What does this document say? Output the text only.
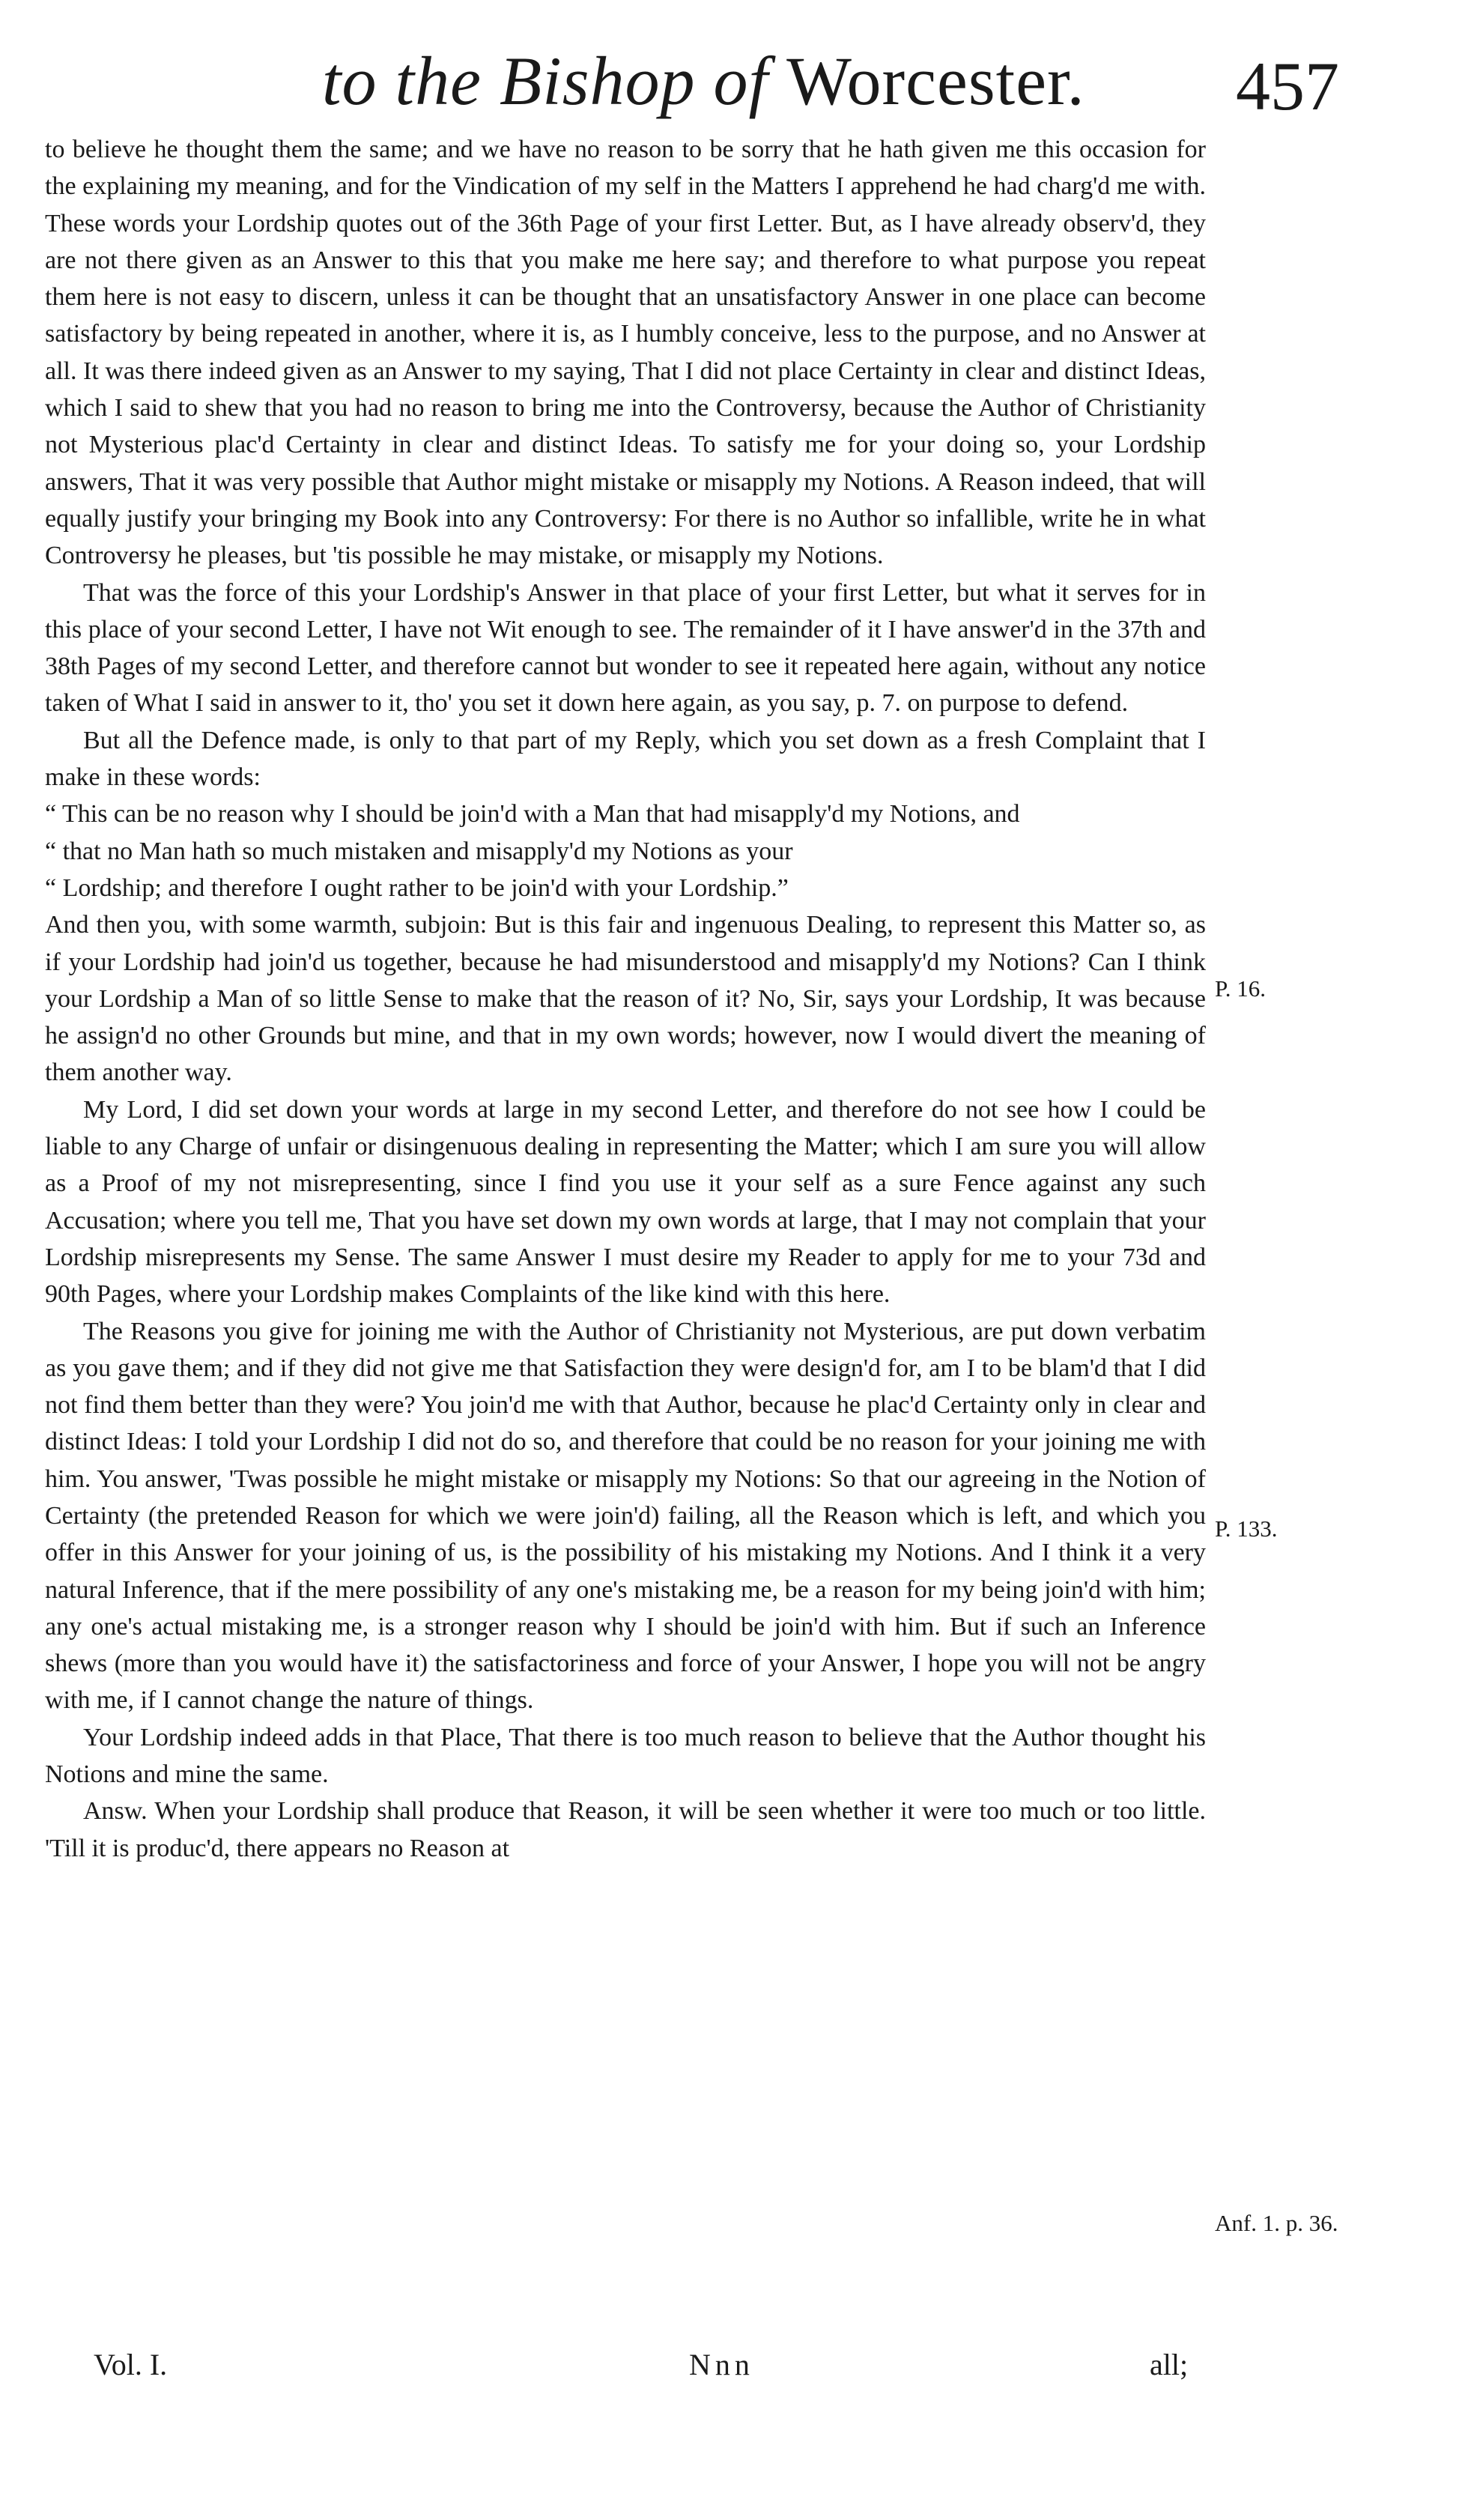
to the Bishop of Worcester. 457

to believe he thought them the same; and we have no reason to be sorry that he hath given me this occasion for the explaining my meaning, and for the Vindication of my self in the Matters I apprehend he had charg'd me with. These words your Lordship quotes out of the 36th Page of your first Letter. But, as I have already observ'd, they are not there given as an Answer to this that you make me here say; and therefore to what purpose you repeat them here is not easy to discern, unless it can be thought that an unsatisfactory Answer in one place can become satisfactory by being repeated in another, where it is, as I humbly conceive, less to the purpose, and no Answer at all. It was there indeed given as an Answer to my saying, That I did not place Certainty in clear and distinct Ideas, which I said to shew that you had no reason to bring me into the Controversy, because the Author of Christianity not Mysterious plac'd Certainty in clear and distinct Ideas. To satisfy me for your doing so, your Lordship answers, That it was very possible that Author might mistake or misapply my Notions. A Reason indeed, that will equally justify your bringing my Book into any Controversy: For there is no Author so infallible, write he in what Controversy he pleases, but 'tis possible he may mistake, or misapply my Notions.

That was the force of this your Lordship's Answer in that place of your first Letter, but what it serves for in this place of your second Letter, I have not Wit enough to see. The remainder of it I have answer'd in the 37th and 38th Pages of my second Letter, and therefore cannot but wonder to see it repeated here again, without any notice taken of What I said in answer to it, tho' you set it down here again, as you say, p. 7. on purpose to defend.

But all the Defence made, is only to that part of my Reply, which you set down as a fresh Complaint that I make in these words:

“ This can be no reason why I should be join'd with a Man that had misapply'd my Notions, and

“ that no Man hath so much mistaken and misapply'd my Notions as your

“ Lordship; and therefore I ought rather to be join'd with your Lordship.”

And then you, with some warmth, subjoin: But is this fair and ingenuous Dealing, to represent this Matter so, as if your Lordship had join'd us together, because he had misunderstood and misapply'd my Notions? Can I think your Lordship a Man of so little Sense to make that the reason of it? No, Sir, says your Lordship, It was because he assign'd no other Grounds but mine, and that in my own words; however, now I would divert the meaning of them another way.

My Lord, I did set down your words at large in my second Letter, and therefore do not see how I could be liable to any Charge of unfair or disingenuous dealing in representing the Matter; which I am sure you will allow as a Proof of my not misrepresenting, since I find you use it your self as a sure Fence against any such Accusation; where you tell me, That you have set down my own words at large, that I may not complain that your Lordship misrepresents my Sense. The same Answer I must desire my Reader to apply for me to your 73d and 90th Pages, where your Lordship makes Complaints of the like kind with this here.

The Reasons you give for joining me with the Author of Christianity not Mysterious, are put down verbatim as you gave them; and if they did not give me that Satisfaction they were design'd for, am I to be blam'd that I did not find them better than they were? You join'd me with that Author, because he plac'd Certainty only in clear and distinct Ideas: I told your Lordship I did not do so, and therefore that could be no reason for your joining me with him. You answer, 'Twas possible he might mistake or misapply my Notions: So that our agreeing in the Notion of Certainty (the pretended Reason for which we were join'd) failing, all the Reason which is left, and which you offer in this Answer for your joining of us, is the possibility of his mistaking my Notions. And I think it a very natural Inference, that if the mere possibility of any one's mistaking me, be a reason for my being join'd with him; any one's actual mistaking me, is a stronger reason why I should be join'd with him. But if such an Inference shews (more than you would have it) the satisfactoriness and force of your Answer, I hope you will not be angry with me, if I cannot change the nature of things.

Your Lordship indeed adds in that Place, That there is too much reason to believe that the Author thought his Notions and mine the same.

Answ. When your Lordship shall produce that Reason, it will be seen whether it were too much or too little. 'Till it is produc'd, there appears no Reason at

P. 16.
P. 133.
Anf. 1. p. 36.
Vol. I.	Nnn	all;
